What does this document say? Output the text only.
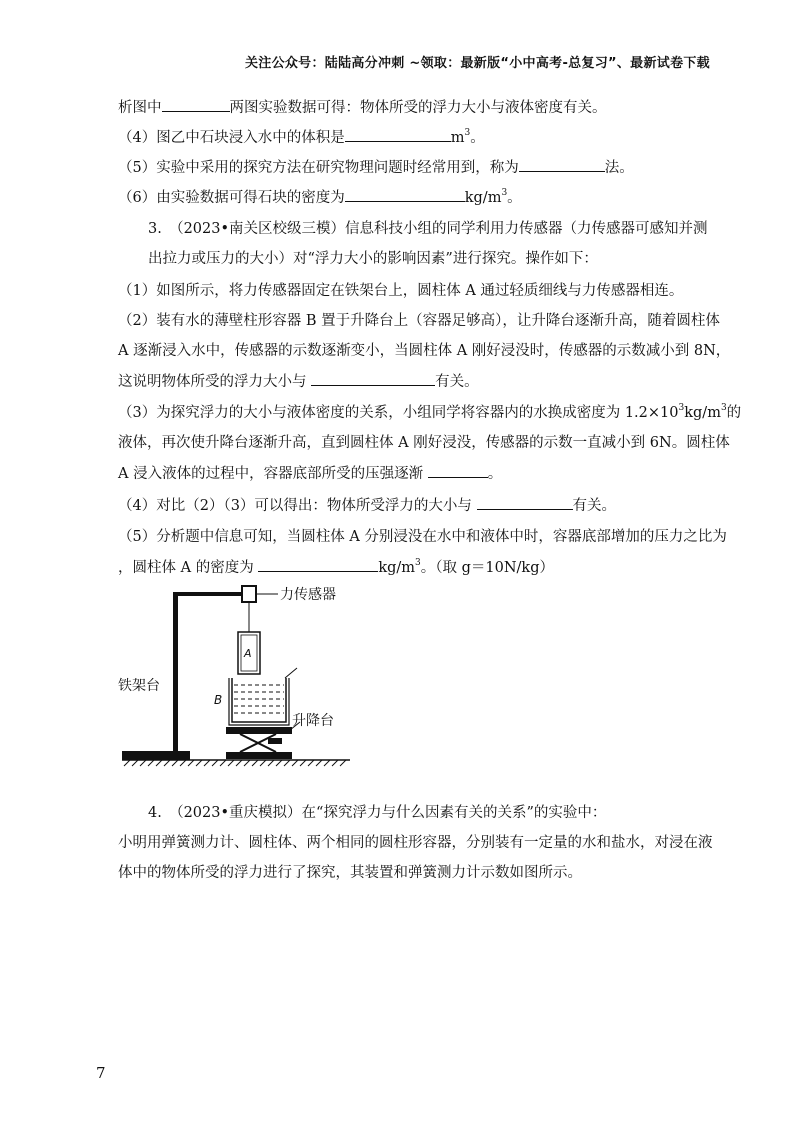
关注公众号：陆陆高分冲刺 ~领取：最新版“小中高考-总复习”、最新试卷下载
析图中	两图实验数据可得：物体所受的浮力大小与液体密度有关。
（4）图乙中石块浸入水中的体积是	$m^3$。
（5）实验中采用的探究方法在研究物理问题时经常用到，称为	法。
（6）由实验数据可得石块的密度为	$kg/m^3$。
3.　（2023•南关区校级三模）信息科技小组的同学利用力传感器（力传感器可感知并测
出拉力或压力的大小）对“浮力大小的影响因素”进行探究。操作如下：
（1）如图所示，将力传感器固定在铁架台上，圆柱体 A 通过轻质细线与力传感器相连。
（2）装有水的薄壁柱形容器 B 置于升降台上（容器足够高），让升降台逐渐升高，随着圆柱体
A 逐渐浸入水中，传感器的示数逐渐变小，当圆柱体 A 刚好浸没时，传感器的示数减小到 8N，
这说明物体所受的浮力大小与	有关。
（3）为探究浮力的大小与液体密度的关系，小组同学将容器内的水换成密度为 $1.2\times 10^3kg/m^3$的
液体，再次使升降台逐渐升高，直到圆柱体 A 刚好浸没，传感器的示数一直减小到 6N。圆柱体
A 浸入液体的过程中，容器底部所受的压强逐渐	。
（4）对比（2）（3）可以得出：物体所受浮力的大小与	有关。
（5）分析题中信息可知，当圆柱体 A 分别浸没在水中和液体中时，容器底部增加的压力之比为
，圆柱体 A 的密度为	$kg/m^3$。（取 g＝10N/kg）
力传感器
铁架台
升降台
A
B
4.　（2023•重庆模拟）在“探究浮力与什么因素有关的关系”的实验中：
小明用弹簧测力计、圆柱体、两个相同的圆柱形容器，分别装有一定量的水和盐水，对浸在液
体中的物体所受的浮力进行了探究，其装置和弹簧测力计示数如图所示。
7
